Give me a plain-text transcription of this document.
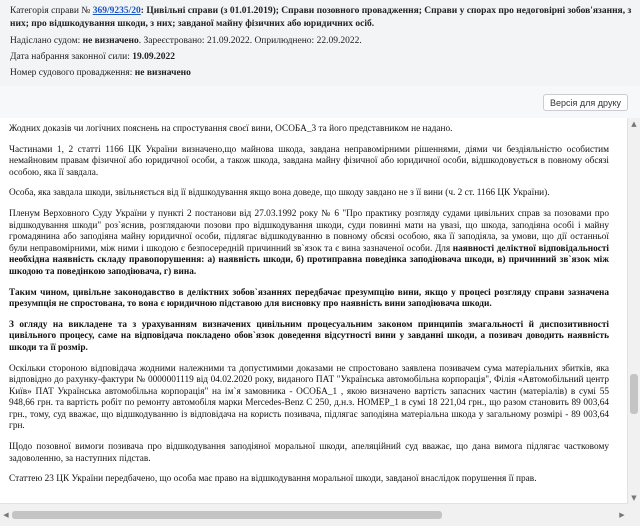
Категорія справи № 369/9235/20: Цивільні справи (з 01.01.2019); Справи позовного провадження; Справи у спорах про недоговірні зобов'язання, з
них; про відшкодування шкоди, з них; завданої майну фізичних або юридичних осіб.
Надіслано судом: не визначено. Зареєстровано: 21.09.2022. Оприлюднено: 22.09.2022.
Дата набрання законної сили: 19.09.2022
Номер судового провадження: не визначено
Версія для друку

Жодних доказів чи логічних пояснень на спростування своєї вини, ОСОБА_3 та його представником не надано.

Частинами 1, 2 статті 1166 ЦК України визначено,що майнова шкода, завдана неправомірними рішеннями, діями чи бездіяльністю особистим немайновим правам фізичної або юридичної особи, а також шкода, завдана майну фізичної або юридичної особи, відшкодовується в повному обсязі особою, яка її завдала.

Особа, яка завдала шкоди, звільняється від її відшкодування якщо вона доведе, що шкоду завдано не з її вини (ч. 2 ст. 1166 ЦК України).

Пленум Верховного Суду України у пункті 2 постанови від 27.03.1992 року № 6 "Про практику розгляду судами цивільних справ за позовами про відшкодування шкоди" роз`яснив, розглядаючи позови про відшкодування шкоди, суди повинні мати на увазі, що шкода, заподіяна особі і майну громадянина або заподіяна майну юридичної особи, підлягає відшкодуванню в повному обсязі особою, яка її заподіяла, за умови, що дії останньої були неправомірними, між ними і шкодою є безпосередній причинний зв`язок та є вина зазначеної особи. Для наявності деліктної відповідальності необхідна наявність складу правопорушення: а) наявність шкоди, б) протиправна поведінка заподіювача шкоди, в) причинний зв`язок між шкодою та поведінкою заподіювача, г) вина.

Таким чином, цивільне законодавство в деліктних зобов`язаннях передбачає презумпцію вини, якщо у процесі розгляду справи зазначена презумпція не спростована, то вона є юридичною підставою для висновку про наявність вини заподіювача шкоди.

З огляду на викладене та з урахуванням визначених цивільним процесуальним законом принципів змагальності й диспозитивності цивільного процесу, саме на відповідача покладено обов`язок доведення відсутності вини у завданні шкоди, а позивач доводить наявність шкоди та її розмір.

Оскільки стороною відповідача жодними належними та допустимими доказами не спростовано заявлена позивачем сума матеріальних збитків, яка відповідно до рахунку-фактури № 0000001119 від 04.02.2020 року, виданого ПАТ "Українська автомобільна корпорація", Філія «Автомобільний центр Київ» ПАТ Українська автомобільна корпорація" на ім`я замовника - ОСОБА_1 , якою визначено вартість запасних частин (матеріалів) в сумі 55 948,66 грн. та вартість робіт по ремонту автомобіля марки Mercedes-Benz C 250, д.н.з. НОМЕР_1 в сумі 18 221,04 грн., що разом становить 89 003,64 грн., тому, суд вважає, що відшкодуванню із відповідача на користь позивача, підлягає заподіяна матеріальна шкода у загальному розмірі - 89 003,64 грн.

Щодо позовної вимоги позивача про відшкодування заподіяної моральної шкоди, апеляційний суд вважає, що дана вимога підлягає частковому задоволенню, за наступних підстав.

Статтею 23 ЦК України передбачено, що особа має право на відшкодування моральної шкоди, завданої внаслідок порушення її прав.

▲
▼
◀	▶
